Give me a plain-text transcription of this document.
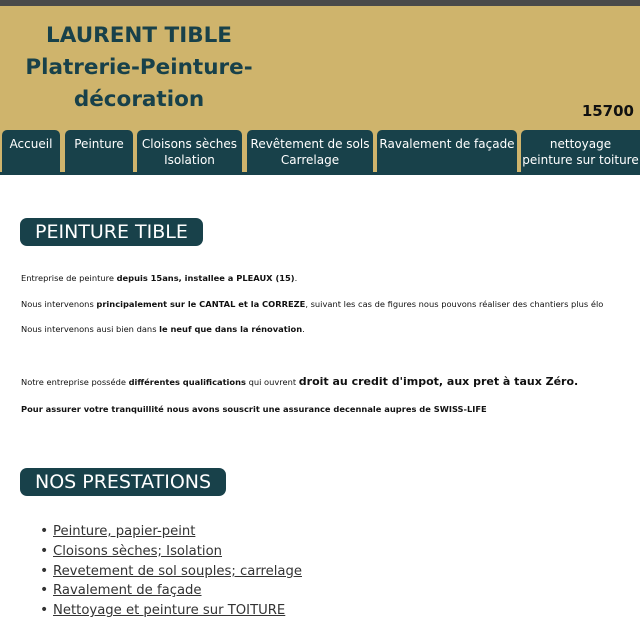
LAURENT TIBLE
Platrerie-Peinture-
décoration	15700
Accueil	Peinture	Cloisons sèches
Isolation
Revêtement de sols
Carrelage
Ravalement de façade	nettoyage
peinture sur toiture
PEINTURE TIBLE
Entreprise de peinture depuis 15ans, installee a PLEAUX (15).
Nous intervenons principalement sur le CANTAL et la CORREZE, suivant les cas de figures nous pouvons réaliser des chantiers plus élo
Nous intervenons ausi bien dans le neuf que dans la rénovation.
Notre entreprise posséde différentes qualifications qui ouvrent droit au credit d'impot, aux pret à taux Zéro.
Pour assurer votre tranquillité nous avons souscrit une assurance decennale aupres de SWISS-LIFE
NOS PRESTATIONS
• Peinture, papier-peint
• Cloisons sèches; Isolation
• Revetement de sol souples; carrelage
• Ravalement de façade
• Nettoyage et peinture sur TOITURE
